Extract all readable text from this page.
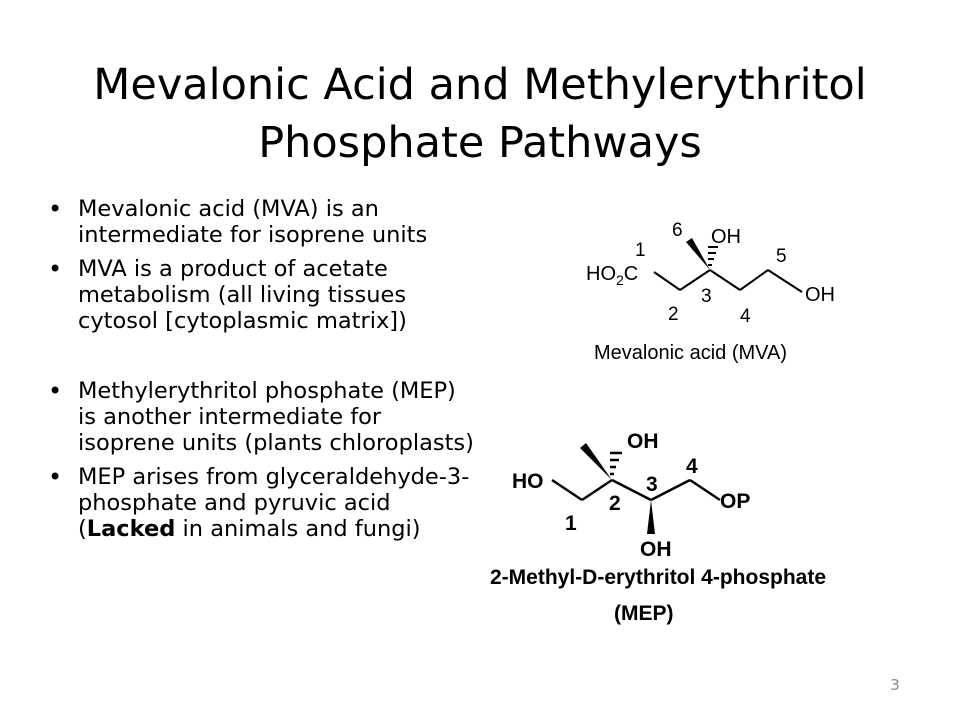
Mevalonic Acid and Methylerythritol
Phosphate Pathways
• Mevalonic acid (MVA) is an intermediate for isoprene units
• MVA is a product of acetate metabolism (all living tissues cytosol [cytoplasmic matrix])
• Methylerythritol phosphate (MEP) is another intermediate for isoprene units (plants chloroplasts)
• MEP arises from glyceraldehyde-3-phosphate and pyruvic acid (Lacked in animals and fungi)
6 OH
1	5
$HO_2C$
OH
3
2	4
Mevalonic acid (MVA)
OH
4
HO	3
2	OP
1
OH
2-Methyl-D-erythritol 4-phosphate
(MEP)
3
